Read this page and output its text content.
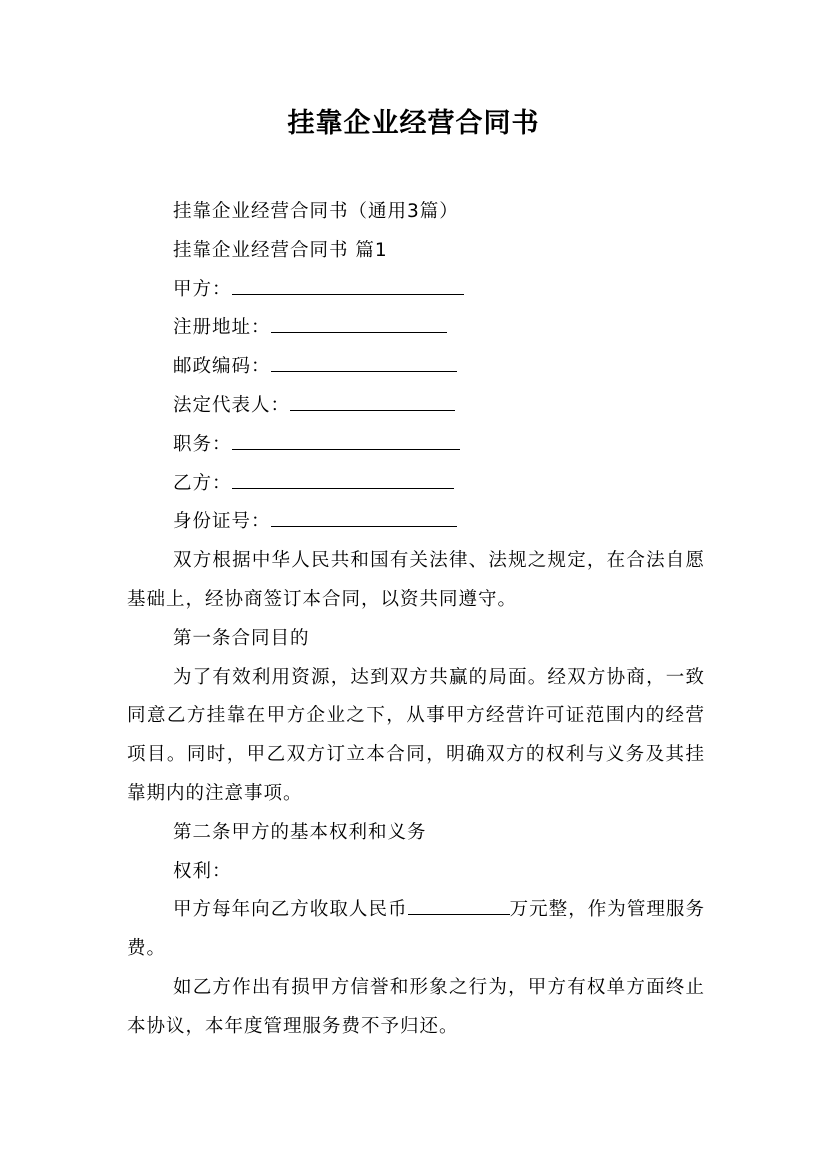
挂靠企业经营合同书

挂靠企业经营合同书（通用3篇）

挂靠企业经营合同书 篇1

甲方：

注册地址：

邮政编码：

法定代表人：

职务：

乙方：

身份证号：

双方根据中华人民共和国有关法律、法规之规定，在合法自愿基础上，经协商签订本合同，以资共同遵守。

第一条合同目的

为了有效利用资源，达到双方共赢的局面。经双方协商，一致同意乙方挂靠在甲方企业之下，从事甲方经营许可证范围内的经营项目。同时，甲乙双方订立本合同，明确双方的权利与义务及其挂靠期内的注意事项。

第二条甲方的基本权利和义务

权利：

甲方每年向乙方收取人民币	万元整，作为管理服务费。

如乙方作出有损甲方信誉和形象之行为，甲方有权单方面终止本协议，本年度管理服务费不予归还。
